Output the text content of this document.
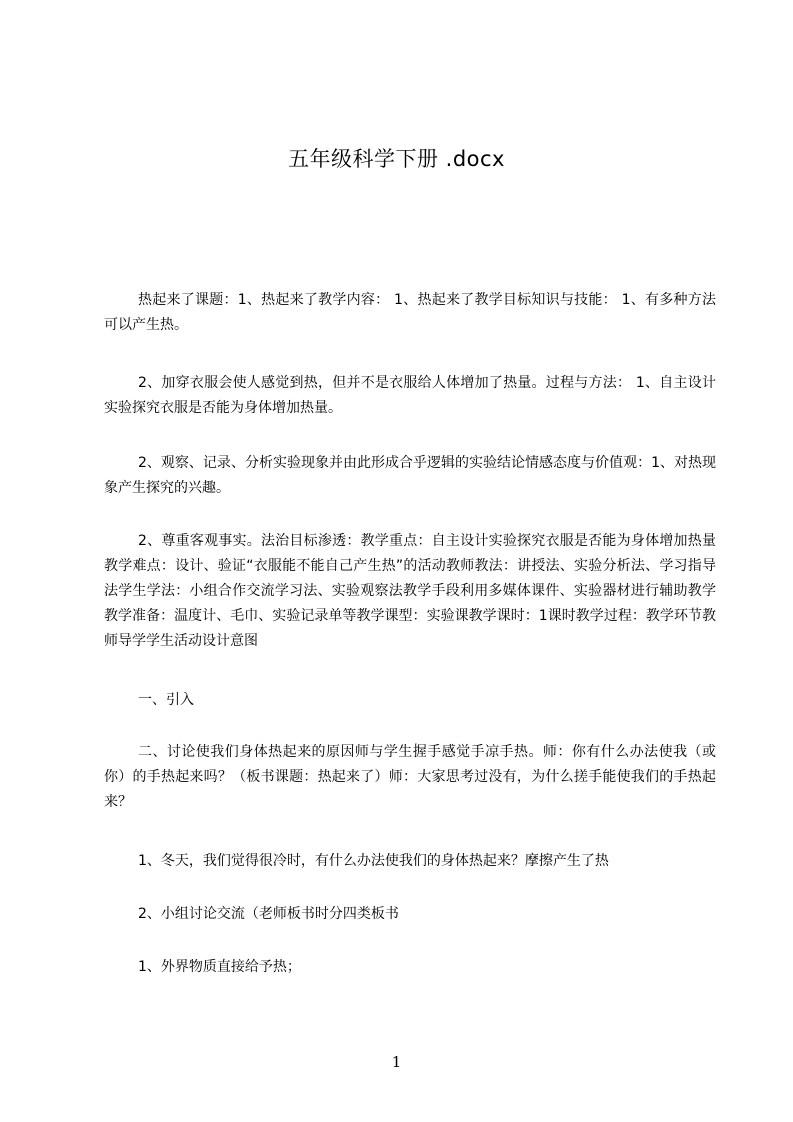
五年级科学下册 .docx

热起来了课题：1、热起来了教学内容： 1、热起来了教学目标知识与技能： 1、有多种方法可以产生热。

2、加穿衣服会使人感觉到热，但并不是衣服给人体增加了热量。过程与方法： 1、自主设计实验探究衣服是否能为身体增加热量。

2、观察、记录、分析实验现象并由此形成合乎逻辑的实验结论情感态度与价值观：1、对热现象产生探究的兴趣。

2、尊重客观事实。法治目标渗透：教学重点：自主设计实验探究衣服是否能为身体增加热量教学难点：设计、验证“衣服能不能自己产生热”的活动教师教法：讲授法、实验分析法、学习指导法学生学法：小组合作交流学习法、实验观察法教学手段利用多媒体课件、实验器材进行辅助教学教学准备：温度计、毛巾、实验记录单等教学课型：实验课教学课时：1课时教学过程：教学环节教师导学学生活动设计意图

一、引入

二、讨论使我们身体热起来的原因师与学生握手感觉手凉手热。师：你有什么办法使我（或你）的手热起来吗？（板书课题：热起来了）师：大家思考过没有，为什么搓手能使我们的手热起来？

1、冬天，我们觉得很冷时，有什么办法使我们的身体热起来？摩擦产生了热

2、小组讨论交流（老师板书时分四类板书

1、外界物质直接给予热；

1
